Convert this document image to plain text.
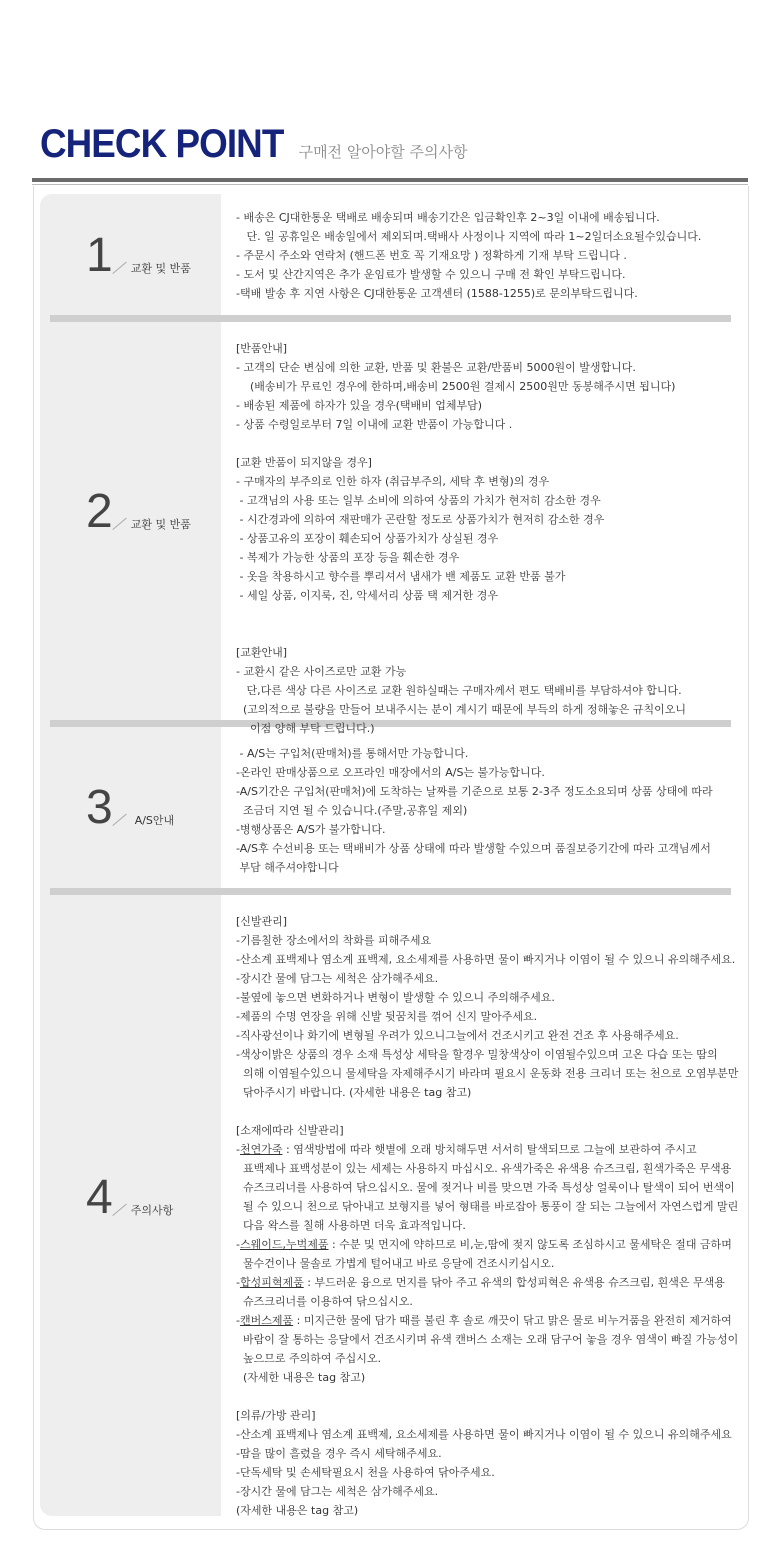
CHECK POINT 구매전 알아야할 주의사항
1 교환 및 반품
- 배송은 CJ대한통운 택배로 배송되며 배송기간은 입금확인후 2~3일 이내에 배송됩니다.
단. 일 공휴일은 배송일에서 제외되며.택배사 사정이나 지역에 따라 1~2일더소요될수있습니다.
- 주문시 주소와 연락처 (핸드폰 번호 꼭 기재요망 ) 정확하게 기재 부탁 드립니다 .
- 도서 및 산간지역은 추가 운임료가 발생할 수 있으니 구매 전 확인 부탁드립니다.
-택배 발송 후 지연 사항은 CJ대한통운 고객센터 (1588-1255)로 문의부탁드립니다.
2 교환 및 반품
[반품안내]
- 고객의 단순 변심에 의한 교환, 반품 및 환불은 교환/반품비 5000원이 발생합니다.
(배송비가 무료인 경우에 한하며,배송비 2500원 결제시 2500원만 동봉해주시면 됩니다)
- 배송된 제품에 하자가 있을 경우(택배비 업체부담)
- 상품 수령일로부터 7일 이내에 교환 반품이 가능합니다 .
[교환 반품이 되지않을 경우]
- 구매자의 부주의로 인한 하자 (취급부주의, 세탁 후 변형)의 경우
- 고객님의 사용 또는 일부 소비에 의하여 상품의 가치가 현저히 감소한 경우
- 시간경과에 의하여 재판매가 곤란할 정도로 상품가치가 현저히 감소한 경우
- 상품고유의 포장이 훼손되어 상품가치가 상실된 경우
- 복제가 가능한 상품의 포장 등을 훼손한 경우
- 옷을 착용하시고 향수를 뿌리셔서 냄새가 밴 제품도 교환 반품 불가
- 세일 상품, 이지룩, 진, 악세서리 상품 택 제거한 경우
[교환안내]
- 교환시 같은 사이즈로만 교환 가능
단,다른 색상 다른 사이즈로 교환 원하실때는 구매자께서 편도 택배비를 부담하셔야 합니다.
(고의적으로 불량을 만들어 보내주시는 분이 계시기 때문에 부득의 하게 정해놓은 규칙이오니
이점 양해 부탁 드립니다.)
3 A/S안내
- A/S는 구입처(판매처)를 통해서만 가능합니다.
-온라인 판매상품으로 오프라인 매장에서의 A/S는 불가능합니다.
-A/S기간은 구입처(판매처)에 도착하는 날짜를 기준으로 보통 2-3주 정도소요되며 상품 상태에 따라
조금더 지연 될 수 있습니다.(주말,공휴일 제외)
-병행상품은 A/S가 불가합니다.
-A/S후 수선비용 또는 택배비가 상품 상태에 따라 발생할 수있으며 품질보증기간에 따라 고객님께서
부담 해주셔야합니다
4 주의사항
[신발관리]
-기름칠한 장소에서의 착화를 피해주세요
-산소계 표백제나 염소계 표백제, 요소세제를 사용하면 물이 빠지거나 이염이 될 수 있으니 유의해주세요.
-장시간 물에 담그는 세척은 삼가해주세요.
-불옆에 놓으면 변화하거나 변형이 발생할 수 있으니 주의해주세요.
-제품의 수명 연장을 위해 신발 뒷꿈치를 꺾어 신지 말아주세요.
-직사광선이나 화기에 변형될 우려가 있으니그늘에서 건조시키고 완전 건조 후 사용해주세요.
-색상이밝은 상품의 경우 소재 특성상 세탁을 할경우 밀창색상이 이염될수있으며 고온 다습 또는 땀의
의해 이염될수있으니 물세탁을 자제해주시기 바라며 필요시 운동화 전용 크리너 또는 천으로 오염부분만
닦아주시기 바랍니다. (자세한 내용은 tag 참고)
[소재에따라 신발관리]
-천연가죽 : 염색방법에 따라 햇볕에 오래 방치해두면 서서히 탈색되므로 그늘에 보관하여 주시고
표백제나 표백성분이 있는 세제는 사용하지 마십시오. 유색가죽은 유색용 슈즈크림, 흰색가죽은 무색용
슈즈크리너를 사용하여 닦으십시오. 물에 젖거나 비를 맞으면 가죽 특성상 얼룩이나 탈색이 되어 번색이
될 수 있으니 천으로 닦아내고 보형지를 넣어 형태를 바로잡아 통풍이 잘 되는 그늘에서 자연스럽게 말린
다음 왁스를 칠해 사용하면 더욱 효과적입니다.
-스웨이드,누벅제품 : 수분 및 먼지에 약하므로 비,눈,땀에 젖지 않도록 조심하시고 물세탁은 절대 금하며
물수건이나 물솔로 가볍게 털어내고 바로 응달에 건조시키십시오.
-합성피혁제품 : 부드러운 융으로 먼지를 닦아 주고 유색의 합성피혁은 유색용 슈즈크림, 흰색은 무색용
슈즈크리너를 이용하여 닦으십시오.
-캔버스제품 : 미지근한 물에 담가 때를 불린 후 솔로 깨끗이 닦고 맑은 물로 비누거품을 완전히 제거하여
바람이 잘 통하는 응달에서 건조시키며 유색 캔버스 소재는 오래 담구어 놓을 경우 염색이 빠질 가능성이
높으므로 주의하여 주십시오.
(자세한 내용은 tag 참고)
[의류/가방 관리]
-산소계 표백제나 염소계 표백제, 요소세제를 사용하면 물이 빠지거나 이염이 될 수 있으니 유의해주세요
-땀을 많이 흘렸을 경우 즉시 세탁해주세요.
-단독세탁 및 손세탁필요시 천을 사용하여 닦아주세요.
-장시간 물에 담그는 세척은 삼가해주세요.
(자세한 내용은 tag 참고)
